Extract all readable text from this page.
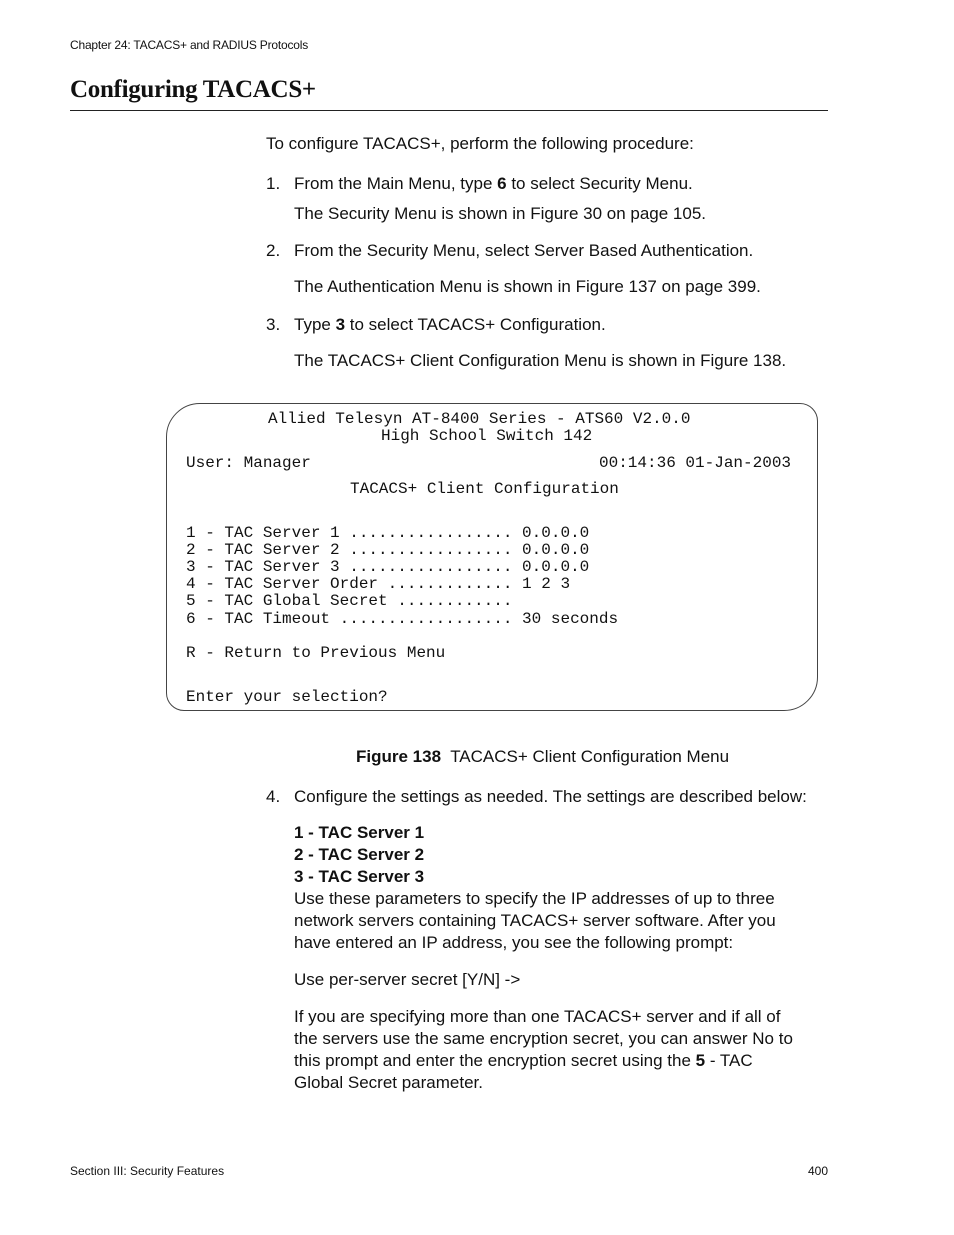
Chapter 24: TACACS+ and RADIUS Protocols
Configuring TACACS+
To configure TACACS+, perform the following procedure:
1. From the Main Menu, type 6 to select Security Menu.
The Security Menu is shown in Figure 30 on page 105.
2. From the Security Menu, select Server Based Authentication.
The Authentication Menu is shown in Figure 137 on page 399.
3. Type 3 to select TACACS+ Configuration.
The TACACS+ Client Configuration Menu is shown in Figure 138.
Allied Telesyn AT-8400 Series - ATS60 V2.0.0
High School Switch 142
User: Manager	00:14:36 01-Jan-2003
TACACS+ Client Configuration
1 - TAC Server 1 ................. 0.0.0.0
2 - TAC Server 2 ................. 0.0.0.0
3 - TAC Server 3 ................. 0.0.0.0
4 - TAC Server Order ............. 1 2 3
5 - TAC Global Secret ............
6 - TAC Timeout .................. 30 seconds
R - Return to Previous Menu
Enter your selection?
Figure 138 TACACS+ Client Configuration Menu
4. Configure the settings as needed. The settings are described below:
1 - TAC Server 1
2 - TAC Server 2
3 - TAC Server 3
Use these parameters to specify the IP addresses of up to three network servers containing TACACS+ server software. After you have entered an IP address, you see the following prompt:
Use per-server secret [Y/N] ->
If you are specifying more than one TACACS+ server and if all of the servers use the same encryption secret, you can answer No to this prompt and enter the encryption secret using the 5 - TAC Global Secret parameter.
Section III: Security Features	400
